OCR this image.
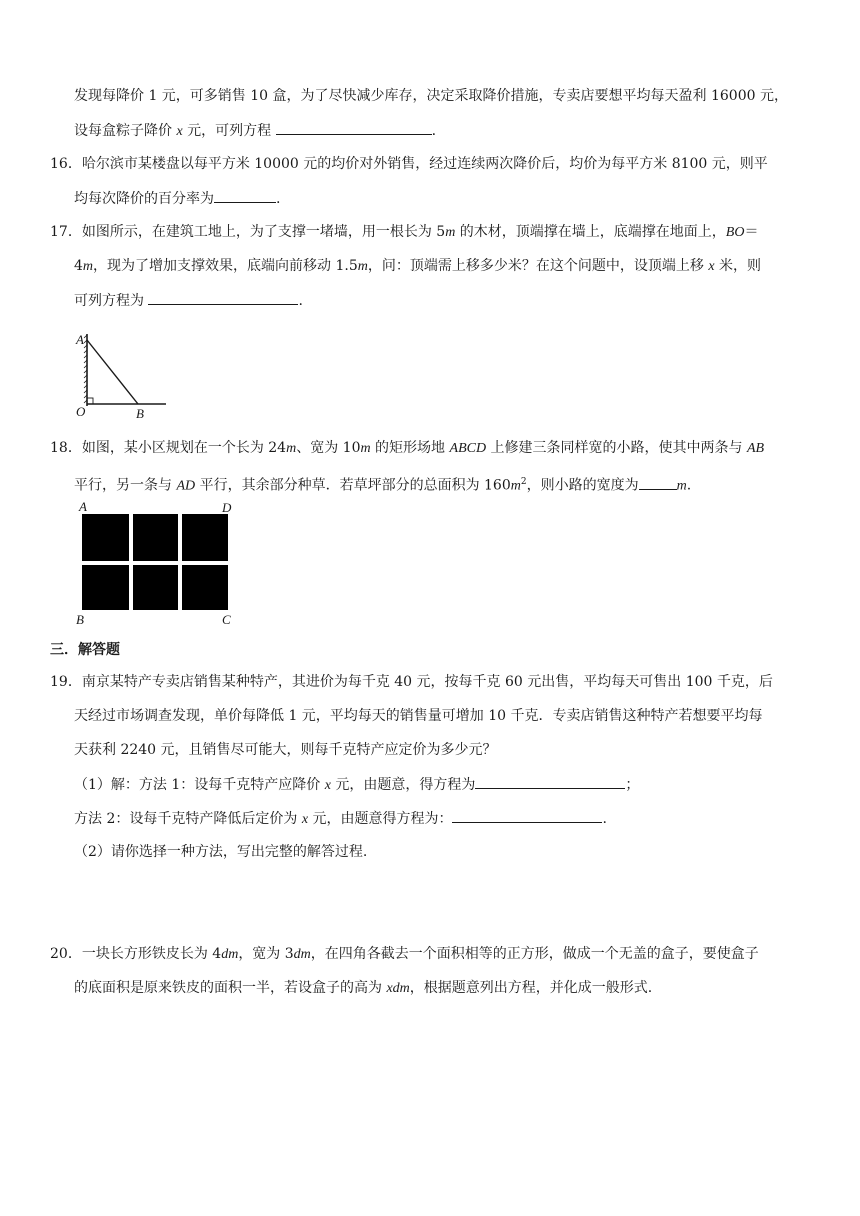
发现每降价 1 元，可多销售 10 盒，为了尽快减少库存，决定采取降价措施，专卖店要想平均每天盈利 16000 元，
设每盒粽子降价 x 元，可列方程	.
16．哈尔滨市某楼盘以每平方米 10000 元的均价对外销售，经过连续两次降价后，均价为每平方米 8100 元，则平
均每次降价的百分率为	.
17．如图所示，在建筑工地上，为了支撑一堵墙，用一根长为 5m 的木材，顶端撑在墙上，底端撑在地面上，BO＝
4m，现为了增加支撑效果，底端向前移动 1.5m，问：顶端需上移多少米？在这个问题中，设顶端上移 x 米，则
可列方程为	.
A
O	B
18．如图，某小区规划在一个长为 24m、宽为 10m 的矩形场地 ABCD 上修建三条同样宽的小路，使其中两条与 AB
平行，另一条与 AD 平行，其余部分种草．若草坪部分的总面积为 $160m^2$，则小路的宽度为	m.
A	D
B	C
三．解答题
19．南京某特产专卖店销售某种特产，其进价为每千克 40 元，按每千克 60 元出售，平均每天可售出 100 千克，后
天经过市场调查发现，单价每降低 1 元，平均每天的销售量可增加 10 千克．专卖店销售这种特产若想要平均每
天获利 2240 元，且销售尽可能大，则每千克特产应定价为多少元？
（1）解：方法 1：设每千克特产应降价 x 元，由题意，得方程为	；
方法 2：设每千克特产降低后定价为 x 元，由题意得方程为：	.
（2）请你选择一种方法，写出完整的解答过程.
20．一块长方形铁皮长为 4dm，宽为 3dm，在四角各截去一个面积相等的正方形，做成一个无盖的盒子，要使盒子
的底面积是原来铁皮的面积一半，若设盒子的高为 xdm，根据题意列出方程，并化成一般形式.
